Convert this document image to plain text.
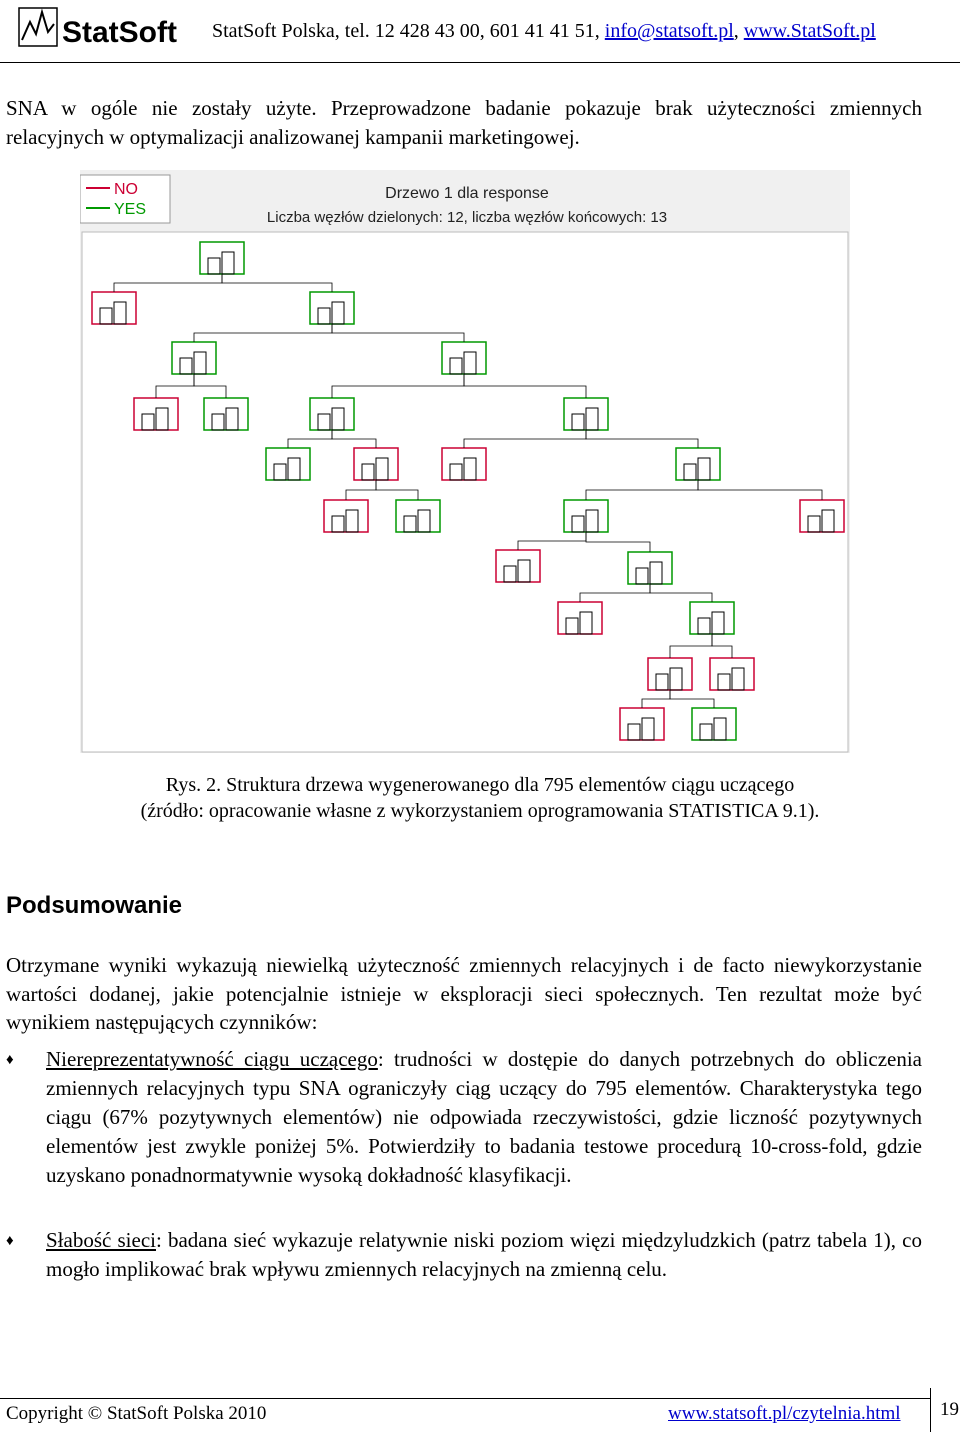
StatSoft StatSoft Polska, tel. 12 428 43 00, 601 41 41 51, info@statsoft.pl, www.StatSoft.pl
SNA w ogóle nie zostały użyte. Przeprowadzone badanie pokazuje brak użyteczności zmiennych relacyjnych w optymalizacji analizowanej kampanii marketingowej.
NO
YES
Drzewo 1 dla response
Liczba węzłów dzielonych: 12, liczba węzłów końcowych: 13
Rys. 2. Struktura drzewa wygenerowanego dla 795 elementów ciągu uczącego
(źródło: opracowanie własne z wykorzystaniem oprogramowania STATISTICA 9.1).
Podsumowanie
Otrzymane wyniki wykazują niewielką użyteczność zmiennych relacyjnych i de facto niewykorzystanie wartości dodanej, jakie potencjalnie istnieje w eksploracji sieci społecznych. Ten rezultat może być wynikiem następujących czynników:
♦	Niereprezentatywność ciągu uczącego: trudności w dostępie do danych potrzebnych do obliczenia zmiennych relacyjnych typu SNA ograniczyły ciąg uczący do 795 elementów. Charakterystyka tego ciągu (67% pozytywnych elementów) nie odpowiada rzeczywistości, gdzie liczność pozytywnych elementów jest zwykle poniżej 5%. Potwierdziły to badania testowe procedurą 10-cross-fold, gdzie uzyskano ponadnormatywnie wysoką dokładność klasyfikacji.
♦	Słabość sieci: badana sieć wykazuje relatywnie niski poziom więzi międzyludzkich (patrz tabela 1), co mogło implikować brak wpływu zmiennych relacyjnych na zmienną celu.
Copyright © StatSoft Polska 2010	www.statsoft.pl/czytelnia.html 19
